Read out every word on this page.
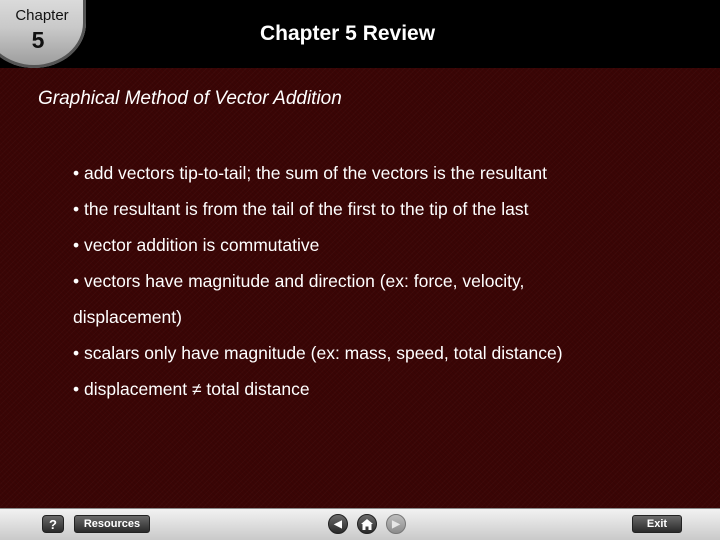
Chapter
5	Chapter 5 Review
Graphical Method of Vector Addition
• add vectors tip-to-tail; the sum of the vectors is the resultant
• the resultant is from the tail of the first to the tip of the last
• vector addition is commutative
• vectors have magnitude and direction (ex: force, velocity,
displacement)
• scalars only have magnitude (ex: mass, speed, total distance)
• displacement ≠ total distance
?	Resources	◀	▶	Exit
